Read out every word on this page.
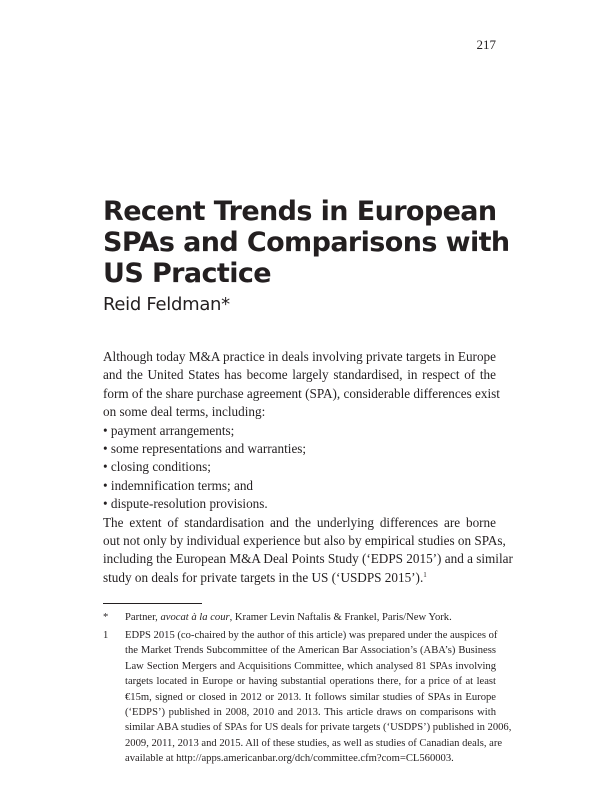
217
Recent Trends in European
SPAs and Comparisons with
US Practice
Reid Feldman*
Although today M&A practice in deals involving private targets in Europe
and the United States has become largely standardised, in respect of the
form of the share purchase agreement (SPA), considerable differences exist
on some deal terms, including:
• payment arrangements;
• some representations and warranties;
• closing conditions;
• indemnification terms; and
• dispute-resolution provisions.
The extent of standardisation and the underlying differences are borne
out not only by individual experience but also by empirical studies on SPAs,
including the European M&A Deal Points Study (‘EDPS 2015’) and a similar
study on deals for private targets in the US (‘USDPS 2015’).$^1$
* Partner, avocat à la cour, Kramer Levin Naftalis & Frankel, Paris/New York.
1 EDPS 2015 (co-chaired by the author of this article) was prepared under the auspices of
the Market Trends Subcommittee of the American Bar Association’s (ABA’s) Business
Law Section Mergers and Acquisitions Committee, which analysed 81 SPAs involving
targets located in Europe or having substantial operations there, for a price of at least
€15m, signed or closed in 2012 or 2013. It follows similar studies of SPAs in Europe
(‘EDPS’) published in 2008, 2010 and 2013. This article draws on comparisons with
similar ABA studies of SPAs for US deals for private targets (‘USDPS’) published in 2006,
2009, 2011, 2013 and 2015. All of these studies, as well as studies of Canadian deals, are
available at http://apps.americanbar.org/dch/committee.cfm?com=CL560003.
